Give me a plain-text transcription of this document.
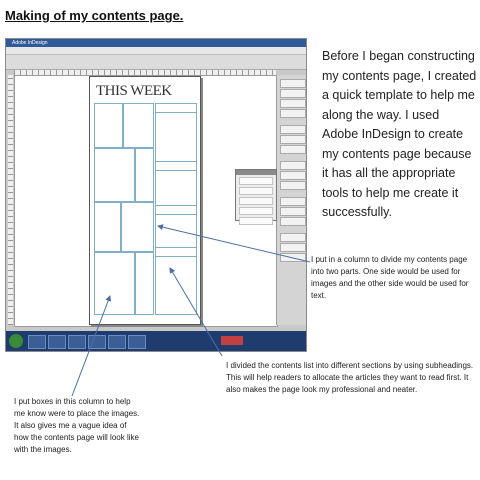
Making of my contents page.
Adobe InDesign

THIS WEEK
Before I began constructing my contents page, I created a quick template to help me along the way. I used Adobe InDesign to create my contents page because it has all the appropriate tools to help me create it successfully.
I put in a column to divide my contents page into two parts. One side would be used for images and the other side would be used for text.
I divided the contents list into different sections by using subheadings. This will help readers to allocate the articles they want to read first. It also makes the page look my professional and neater.
I put boxes in this column to help me know were to place the images. It also gives me a vague idea of how the contents page will look like with the images.
